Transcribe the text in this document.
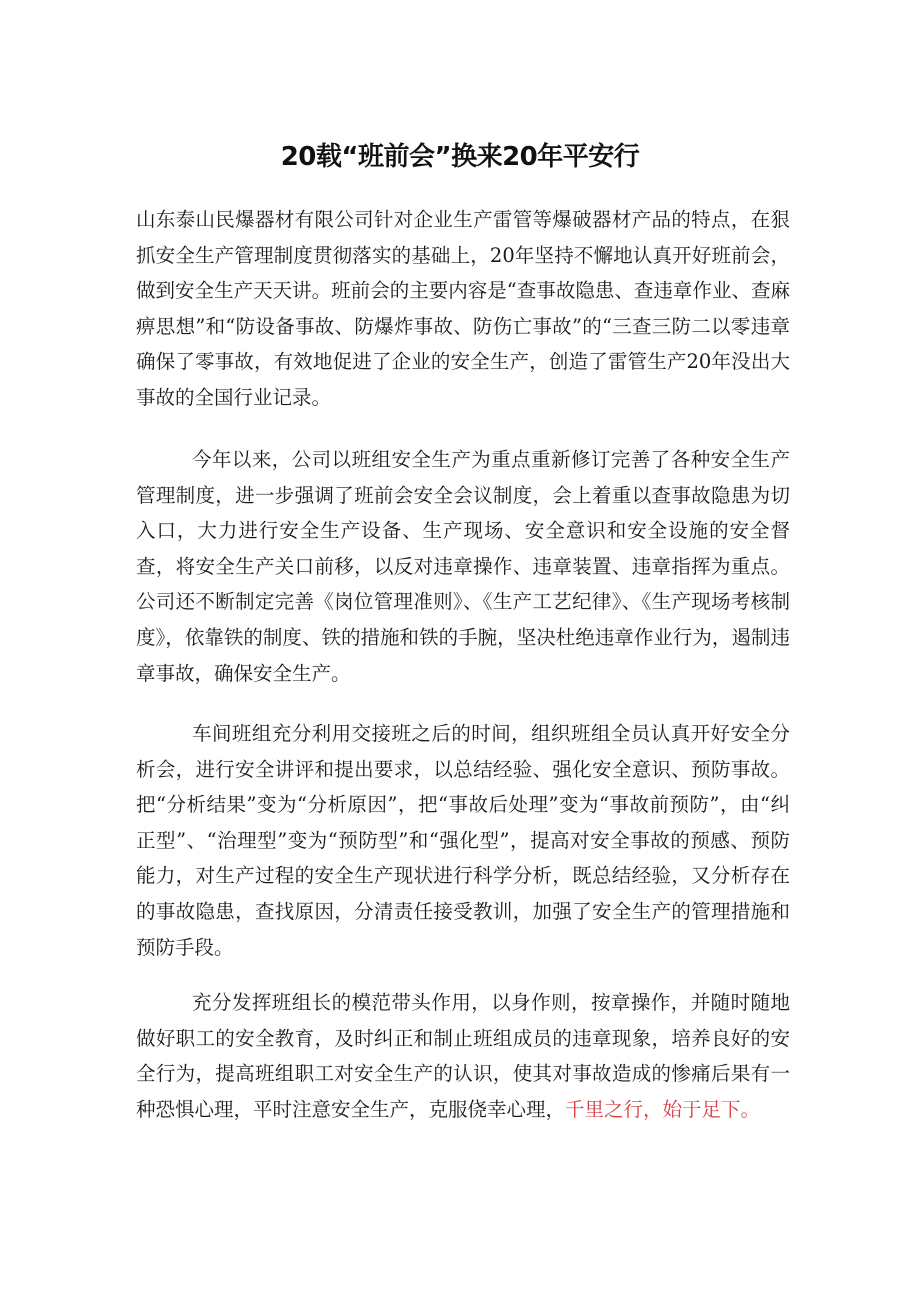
20载“班前会”换来20年平安行

山东泰山民爆器材有限公司针对企业生产雷管等爆破器材产品的特点，在狠抓安全生产管理制度贯彻落实的基础上，20年坚持不懈地认真开好班前会，做到安全生产天天讲。班前会的主要内容是“查事故隐患、查违章作业、查麻痹思想”和“防设备事故、防爆炸事故、防伤亡事故”的“三查三防二以零违章确保了零事故，有效地促进了企业的安全生产，创造了雷管生产20年没出大事故的全国行业记录。

今年以来，公司以班组安全生产为重点重新修订完善了各种安全生产管理制度，进一步强调了班前会安全会议制度，会上着重以查事故隐患为切入口，大力进行安全生产设备、生产现场、安全意识和安全设施的安全督查，将安全生产关口前移，以反对违章操作、违章装置、违章指挥为重点。公司还不断制定完善《岗位管理准则》、《生产工艺纪律》、《生产现场考核制度》，依靠铁的制度、铁的措施和铁的手腕，坚决杜绝违章作业行为，遏制违章事故，确保安全生产。

车间班组充分利用交接班之后的时间，组织班组全员认真开好安全分析会，进行安全讲评和提出要求，以总结经验、强化安全意识、预防事故。把“分析结果”变为“分析原因”，把“事故后处理”变为“事故前预防”，由“纠正型”、“治理型”变为“预防型”和“强化型”，提高对安全事故的预感、预防能力，对生产过程的安全生产现状进行科学分析，既总结经验，又分析存在的事故隐患，查找原因，分清责任接受教训，加强了安全生产的管理措施和预防手段。

充分发挥班组长的模范带头作用，以身作则，按章操作，并随时随地做好职工的安全教育，及时纠正和制止班组成员的违章现象，培养良好的安全行为，提高班组职工对安全生产的认识，使其对事故造成的惨痛后果有一种恐惧心理，平时注意安全生产，克服侥幸心理，千里之行，始于足下。
